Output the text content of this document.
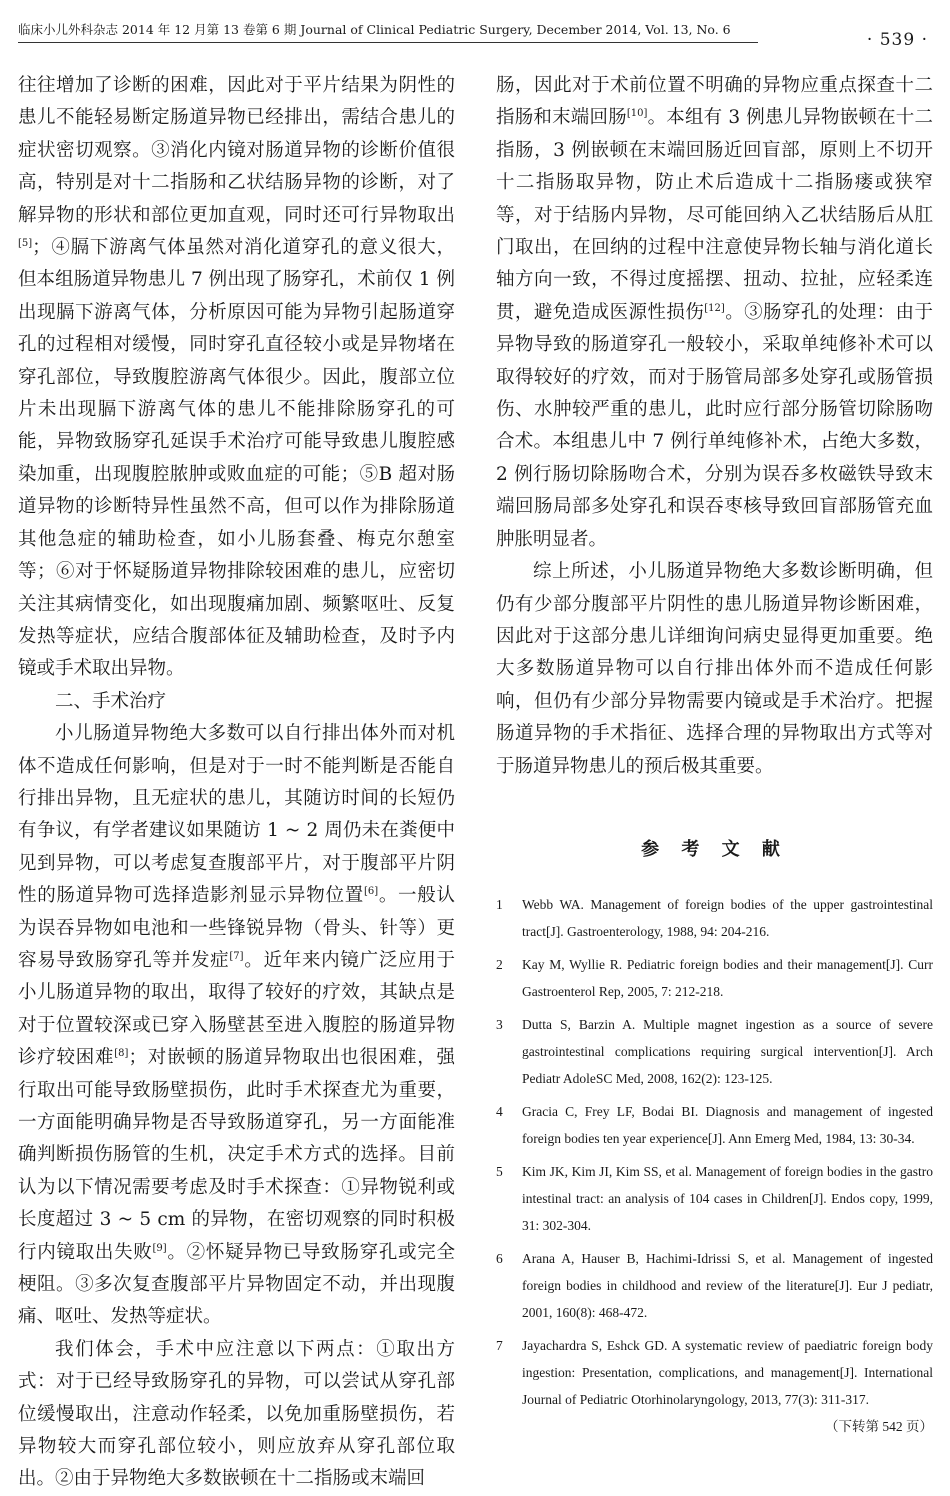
临床小儿外科杂志 2014 年 12 月第 13 卷第 6 期 Journal of Clinical Pediatric Surgery, December 2014, Vol. 13, No. 6
· 539 ·

往往增加了诊断的困难，因此对于平片结果为阴性的患儿不能轻易断定肠道异物已经排出，需结合患儿的症状密切观察。③消化内镜对肠道异物的诊断价值很高，特别是对十二指肠和乙状结肠异物的诊断，对了解异物的形状和部位更加直观，同时还可行异物取出[5]；④膈下游离气体虽然对消化道穿孔的意义很大，但本组肠道异物患儿 7 例出现了肠穿孔，术前仅 1 例出现膈下游离气体，分析原因可能为异物引起肠道穿孔的过程相对缓慢，同时穿孔直径较小或是异物堵在穿孔部位，导致腹腔游离气体很少。因此，腹部立位片未出现膈下游离气体的患儿不能排除肠穿孔的可能，异物致肠穿孔延误手术治疗可能导致患儿腹腔感染加重，出现腹腔脓肿或败血症的可能；⑤B 超对肠道异物的诊断特异性虽然不高，但可以作为排除肠道其他急症的辅助检查，如小儿肠套叠、梅克尔憩室等；⑥对于怀疑肠道异物排除较困难的患儿，应密切关注其病情变化，如出现腹痛加剧、频繁呕吐、反复发热等症状，应结合腹部体征及辅助检查，及时予内镜或手术取出异物。

二、手术治疗

小儿肠道异物绝大多数可以自行排出体外而对机体不造成任何影响，但是对于一时不能判断是否能自行排出异物，且无症状的患儿，其随访时间的长短仍有争议，有学者建议如果随访 1 ~ 2 周仍未在粪便中见到异物，可以考虑复查腹部平片，对于腹部平片阴性的肠道异物可选择造影剂显示异物位置[6]。一般认为误吞异物如电池和一些锋锐异物（骨头、针等）更容易导致肠穿孔等并发症[7]。近年来内镜广泛应用于小儿肠道异物的取出，取得了较好的疗效，其缺点是对于位置较深或已穿入肠壁甚至进入腹腔的肠道异物诊疗较困难[8]；对嵌顿的肠道异物取出也很困难，强行取出可能导致肠壁损伤，此时手术探查尤为重要，一方面能明确异物是否导致肠道穿孔，另一方面能准确判断损伤肠管的生机，决定手术方式的选择。目前认为以下情况需要考虑及时手术探查：①异物锐利或长度超过 3 ~ 5 cm 的异物，在密切观察的同时积极行内镜取出失败[9]。②怀疑异物已导致肠穿孔或完全梗阻。③多次复查腹部平片异物固定不动，并出现腹痛、呕吐、发热等症状。

我们体会，手术中应注意以下两点：①取出方式：对于已经导致肠穿孔的异物，可以尝试从穿孔部位缓慢取出，注意动作轻柔，以免加重肠壁损伤，若异物较大而穿孔部位较小，则应放弃从穿孔部位取出。②由于异物绝大多数嵌顿在十二指肠或末端回

肠，因此对于术前位置不明确的异物应重点探查十二指肠和末端回肠[10]。本组有 3 例患儿异物嵌顿在十二指肠，3 例嵌顿在末端回肠近回盲部，原则上不切开十二指肠取异物，防止术后造成十二指肠瘘或狭窄等，对于结肠内异物，尽可能回纳入乙状结肠后从肛门取出，在回纳的过程中注意使异物长轴与消化道长轴方向一致，不得过度摇摆、扭动、拉扯，应轻柔连贯，避免造成医源性损伤[12]。③肠穿孔的处理：由于异物导致的肠道穿孔一般较小，采取单纯修补术可以取得较好的疗效，而对于肠管局部多处穿孔或肠管损伤、水肿较严重的患儿，此时应行部分肠管切除肠吻合术。本组患儿中 7 例行单纯修补术，占绝大多数，2 例行肠切除肠吻合术，分别为误吞多枚磁铁导致末端回肠局部多处穿孔和误吞枣核导致回盲部肠管充血肿胀明显者。

综上所述，小儿肠道异物绝大多数诊断明确，但仍有少部分腹部平片阴性的患儿肠道异物诊断困难，因此对于这部分患儿详细询问病史显得更加重要。绝大多数肠道异物可以自行排出体外而不造成任何影响，但仍有少部分异物需要内镜或是手术治疗。把握肠道异物的手术指征、选择合理的异物取出方式等对于肠道异物患儿的预后极其重要。

参 考 文 献
1	Webb WA. Management of foreign bodies of the upper gastrointestinal tract[J]. Gastroenterology, 1988, 94: 204-216.
2	Kay M, Wyllie R. Pediatric foreign bodies and their management[J]. Curr Gastroenterol Rep, 2005, 7: 212-218.
3	Dutta S, Barzin A. Multiple magnet ingestion as a source of severe gastrointestinal complications requiring surgical intervention[J]. Arch Pediatr AdoleSC Med, 2008, 162(2): 123-125.
4	Gracia C, Frey LF, Bodai BI. Diagnosis and management of ingested foreign bodies ten year experience[J]. Ann Emerg Med, 1984, 13: 30-34.
5	Kim JK, Kim JI, Kim SS, et al. Management of foreign bodies in the gastro intestinal tract: an analysis of 104 cases in Children[J]. Endos copy, 1999, 31: 302-304.
6	Arana A, Hauser B, Hachimi-Idrissi S, et al. Management of ingested foreign bodies in childhood and review of the literature[J]. Eur J pediatr, 2001, 160(8): 468-472.
7	Jayachardra S, Eshck GD. A systematic review of paediatric foreign body ingestion: Presentation, complications, and management[J]. International Journal of Pediatric Otorhinolaryngology, 2013, 77(3): 311-317.
（下转第 542 页）
